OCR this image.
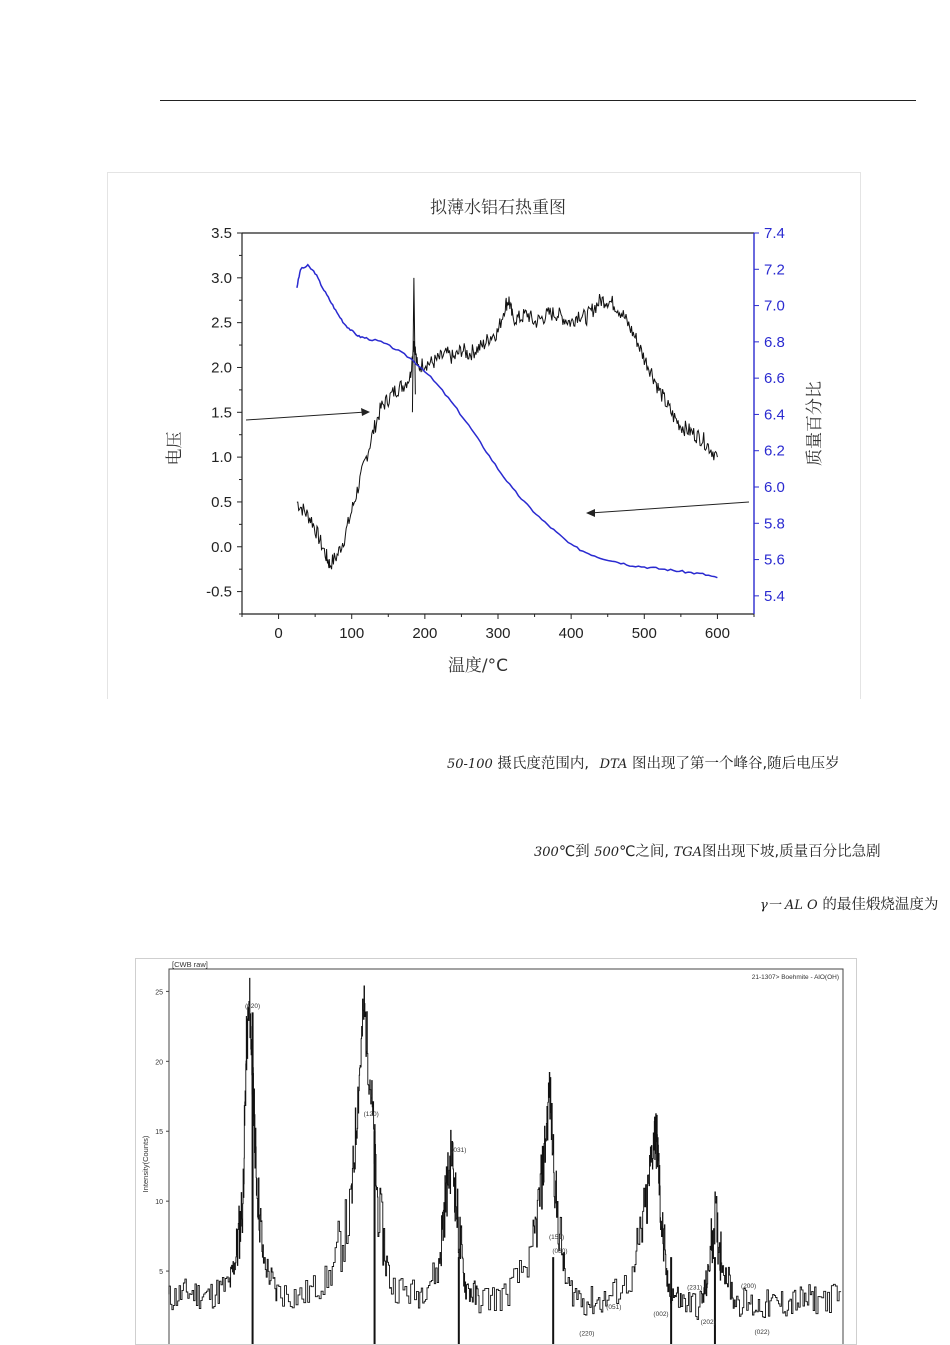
拟薄水铝石热重图
0	100	200	300	400	500	600
3.5
3.0
2.5
2.0
1.5
1.0
0.5
0.0
-0.5
7.4
7.2
7.0
6.8
6.6
6.4
6.2
6.0
5.8
5.6
5.4
温度/°C
电压	质量百分比
50-100 摄氏度范围内, DTA 图出现了第一个峰谷,随后电压岁
300℃到 500℃之间, TGA图出现下坡,质量百分比急剧
γ一 AL O 的最佳煅烧温度为
[CWB raw]
21-1307> Boehmite - AlO(OH)
25
20
15
10
5
Intensity(Counts)
(020)
(120)
(031)
(151)
(080)
(051)
(220)
(002)
(231)
(202)
(200)
(022)
